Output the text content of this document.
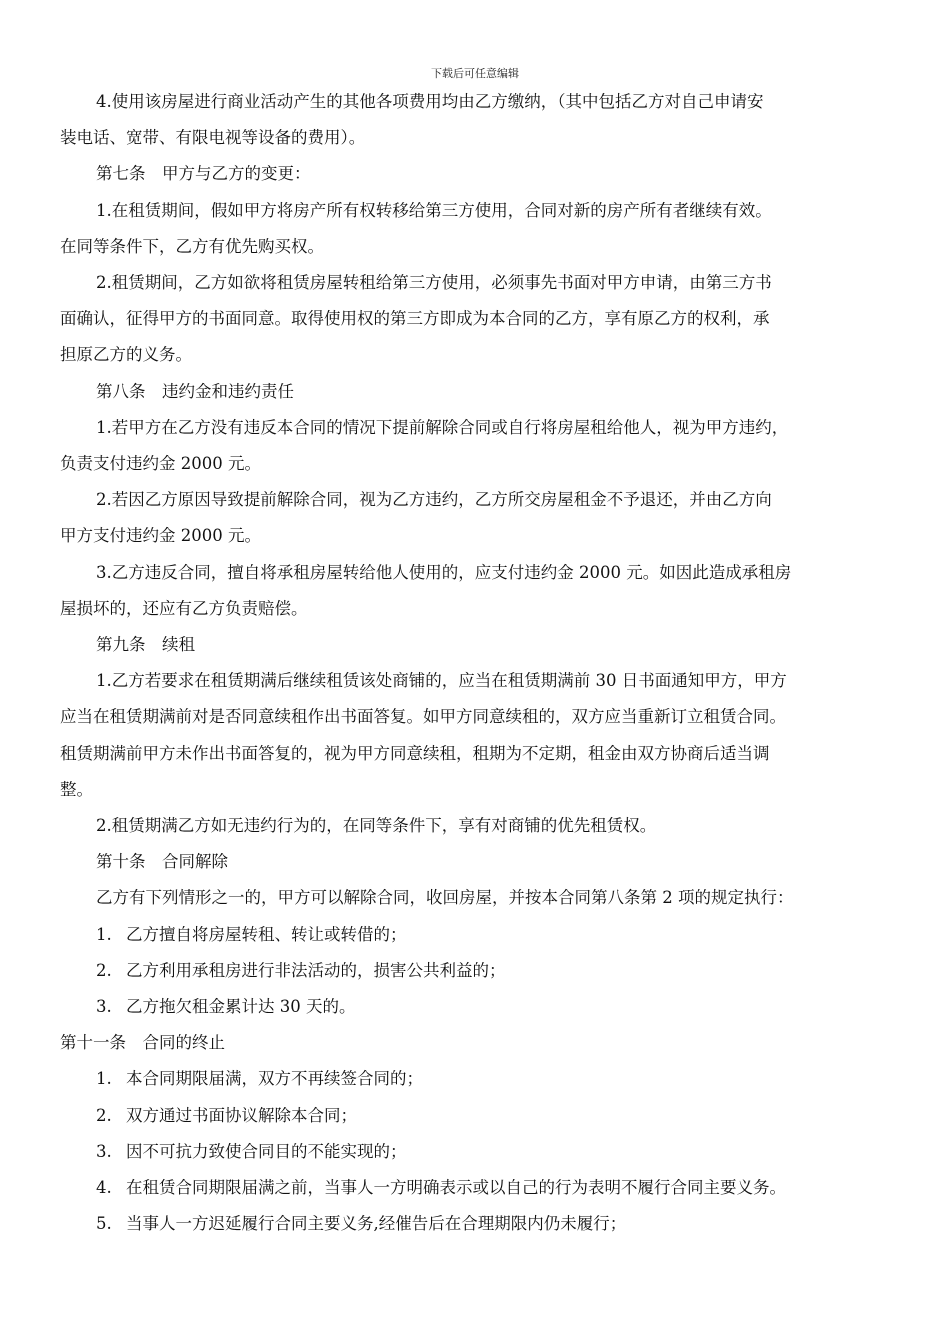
下载后可任意编辑

4.使用该房屋进行商业活动产生的其他各项费用均由乙方缴纳，（其中包括乙方对自己申请安

装电话、宽带、有限电视等设备的费用）。

第七条　甲方与乙方的变更：

1.在租赁期间，假如甲方将房产所有权转移给第三方使用，合同对新的房产所有者继续有效。

在同等条件下，乙方有优先购买权。

2.租赁期间，乙方如欲将租赁房屋转租给第三方使用，必须事先书面对甲方申请，由第三方书

面确认，征得甲方的书面同意。取得使用权的第三方即成为本合同的乙方，享有原乙方的权利，承

担原乙方的义务。

第八条　违约金和违约责任

1.若甲方在乙方没有违反本合同的情况下提前解除合同或自行将房屋租给他人，视为甲方违约，

负责支付违约金 2000 元。

2.若因乙方原因导致提前解除合同，视为乙方违约，乙方所交房屋租金不予退还，并由乙方向

甲方支付违约金 2000 元。

3.乙方违反合同，擅自将承租房屋转给他人使用的，应支付违约金 2000 元。如因此造成承租房

屋损坏的，还应有乙方负责赔偿。

第九条　续租

1.乙方若要求在租赁期满后继续租赁该处商铺的，应当在租赁期满前 30 日书面通知甲方，甲方

应当在租赁期满前对是否同意续租作出书面答复。如甲方同意续租的，双方应当重新订立租赁合同。

租赁期满前甲方未作出书面答复的，视为甲方同意续租，租期为不定期，租金由双方协商后适当调

整。

2.租赁期满乙方如无违约行为的，在同等条件下，享有对商铺的优先租赁权。

第十条　合同解除

乙方有下列情形之一的，甲方可以解除合同，收回房屋，并按本合同第八条第 2 项的规定执行：

1. 乙方擅自将房屋转租、转让或转借的；

2. 乙方利用承租房进行非法活动的，损害公共利益的；

3. 乙方拖欠租金累计达 30 天的。

第十一条　合同的终止

1. 本合同期限届满，双方不再续签合同的；

2. 双方通过书面协议解除本合同；

3. 因不可抗力致使合同目的不能实现的；

4. 在租赁合同期限届满之前，当事人一方明确表示或以自己的行为表明不履行合同主要义务。

5. 当事人一方迟延履行合同主要义务,经催告后在合理期限内仍未履行；
